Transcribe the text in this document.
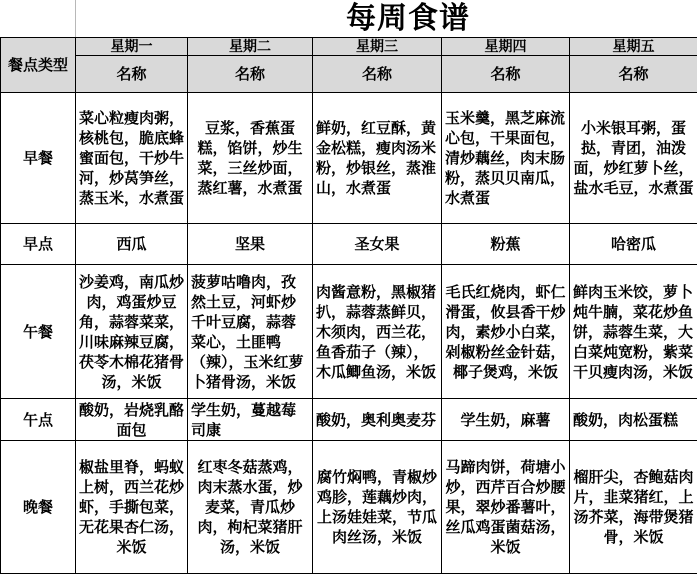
每周食谱
餐点类型	星期一	星期二	星期三	星期四	星期五
	名称	名称	名称	名称	名称
早餐	菜心粒瘦肉粥，核桃包，脆底蜂蜜面包，干炒牛河，炒莴笋丝，蒸玉米，水煮蛋	豆浆，香蕉蛋糕，馅饼，炒生菜，三丝炒面，蒸红薯，水煮蛋	鲜奶，红豆酥，黄金松糕，瘦肉汤米粉，炒银丝，蒸淮山，水煮蛋	玉米羹，黑芝麻流心包，干果面包，清炒藕丝，肉末肠粉，蒸贝贝南瓜，水煮蛋	小米银耳粥，蛋挞，青团，油泼面，炒红萝卜丝，盐水毛豆，水煮蛋
早点	西瓜	坚果	圣女果	粉蕉	哈密瓜
午餐	沙姜鸡，南瓜炒肉，鸡蛋炒豆角，蒜蓉菜菜，川味麻辣豆腐，茯苓木棉花猪骨汤，米饭	菠萝咕噜肉，孜然土豆，河虾炒千叶豆腐，蒜蓉菜心，土匪鸭（辣），玉米红萝卜猪骨汤，米饭	肉酱意粉，黑椒猪扒，蒜蓉蒸鲜贝，木须肉，西兰花，鱼香茄子（辣），木瓜鲫鱼汤，米饭	毛氏红烧肉，虾仁滑蛋，攸县香干炒肉，素炒小白菜，剁椒粉丝金针菇，椰子煲鸡，米饭	鲜肉玉米饺，萝卜炖牛腩，菜花炒鱼饼，蒜蓉生菜，大白菜炖宽粉，紫菜干贝瘦肉汤，米饭
午点	酸奶，岩烧乳酪面包	学生奶，蔓越莓司康	酸奶，奥利奥麦芬	学生奶，麻薯	酸奶，肉松蛋糕
晚餐	椒盐里脊，蚂蚁上树，西兰花炒虾，手撕包菜，无花果杏仁汤，米饭	红枣冬菇蒸鸡，肉末蒸水蛋，炒麦菜，青瓜炒肉，枸杞菜猪肝汤，米饭	腐竹焖鸭，青椒炒鸡胗，莲藕炒肉，上汤娃娃菜，节瓜肉丝汤，米饭	马蹄肉饼，荷塘小炒，西芹百合炒腰果，翠炒番薯叶，丝瓜鸡蛋菌菇汤，米饭	榴肝尖，杏鲍菇肉片，韭菜猪红，上汤芥菜，海带煲猪骨，米饭
